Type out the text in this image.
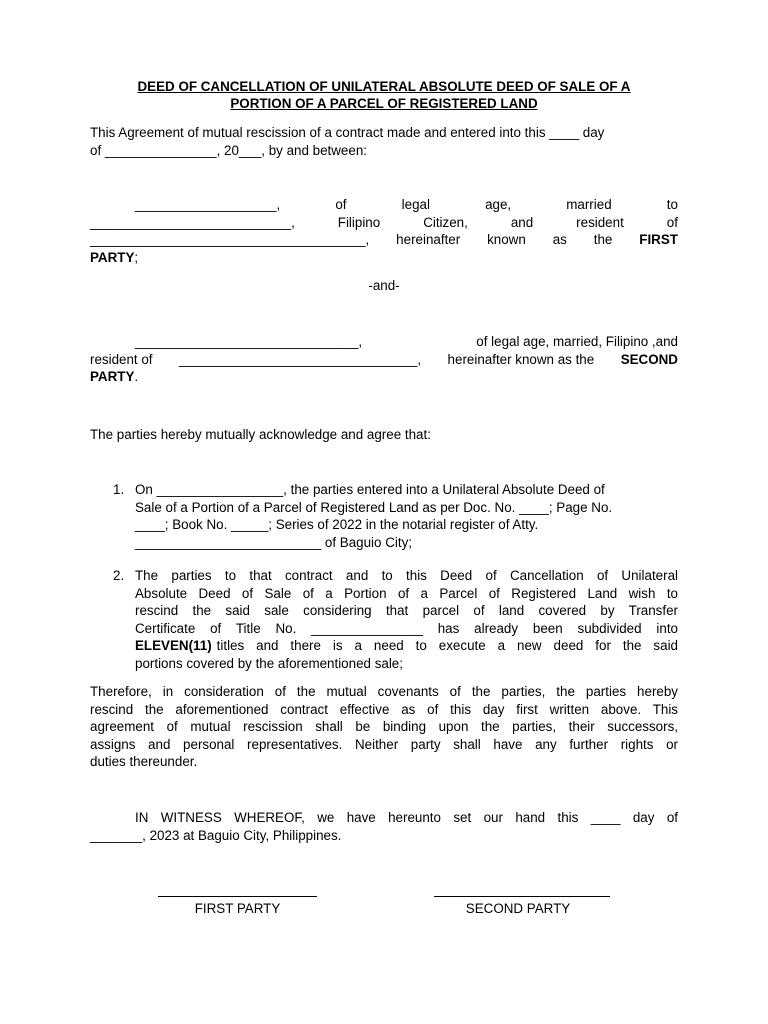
DEED OF CANCELLATION OF UNILATERAL ABSOLUTE DEED OF SALE OF A
PORTION OF A PARCEL OF REGISTERED LAND
This Agreement of mutual rescission of a contract made and entered into this ____ day
of _______________, 20___, by and between:
___________________,	of	legal	age,	married	to
___________________________,	Filipino	Citizen,	and	resident	of
_____________________________________, hereinafter known as the FIRST
PARTY;
-and-
______________________________,	of legal age, married, Filipino ,and
resident of ________________________________, hereinafter known as the SECOND
PARTY.
The parties hereby mutually acknowledge and agree that:
1. On _________________, the parties entered into a Unilateral Absolute Deed of
Sale of a Portion of a Parcel of Registered Land as per Doc. No. ____; Page No.
____; Book No. _____; Series of 2022 in the notarial register of Atty.
_________________________ of Baguio City;
2. The parties to that contract and to this Deed of Cancellation of Unilateral
Absolute Deed of Sale of a Portion of a Parcel of Registered Land wish to
rescind the said sale considering that parcel of land covered by Transfer
Certificate of Title No. _______________ has already been subdivided into
ELEVEN(11) titles and there is a need to execute a new deed for the said
portions covered by the aforementioned sale;
Therefore, in consideration of the mutual covenants of the parties, the parties hereby
rescind the aforementioned contract effective as of this day first written above. This
agreement of mutual rescission shall be binding upon the parties, their successors,
assigns and personal representatives. Neither party shall have any further rights or
duties thereunder.
IN WITNESS WHEREOF, we have hereunto set our hand this ____ day of
_______, 2023 at Baguio City, Philippines.
FIRST PARTY	SECOND PARTY
